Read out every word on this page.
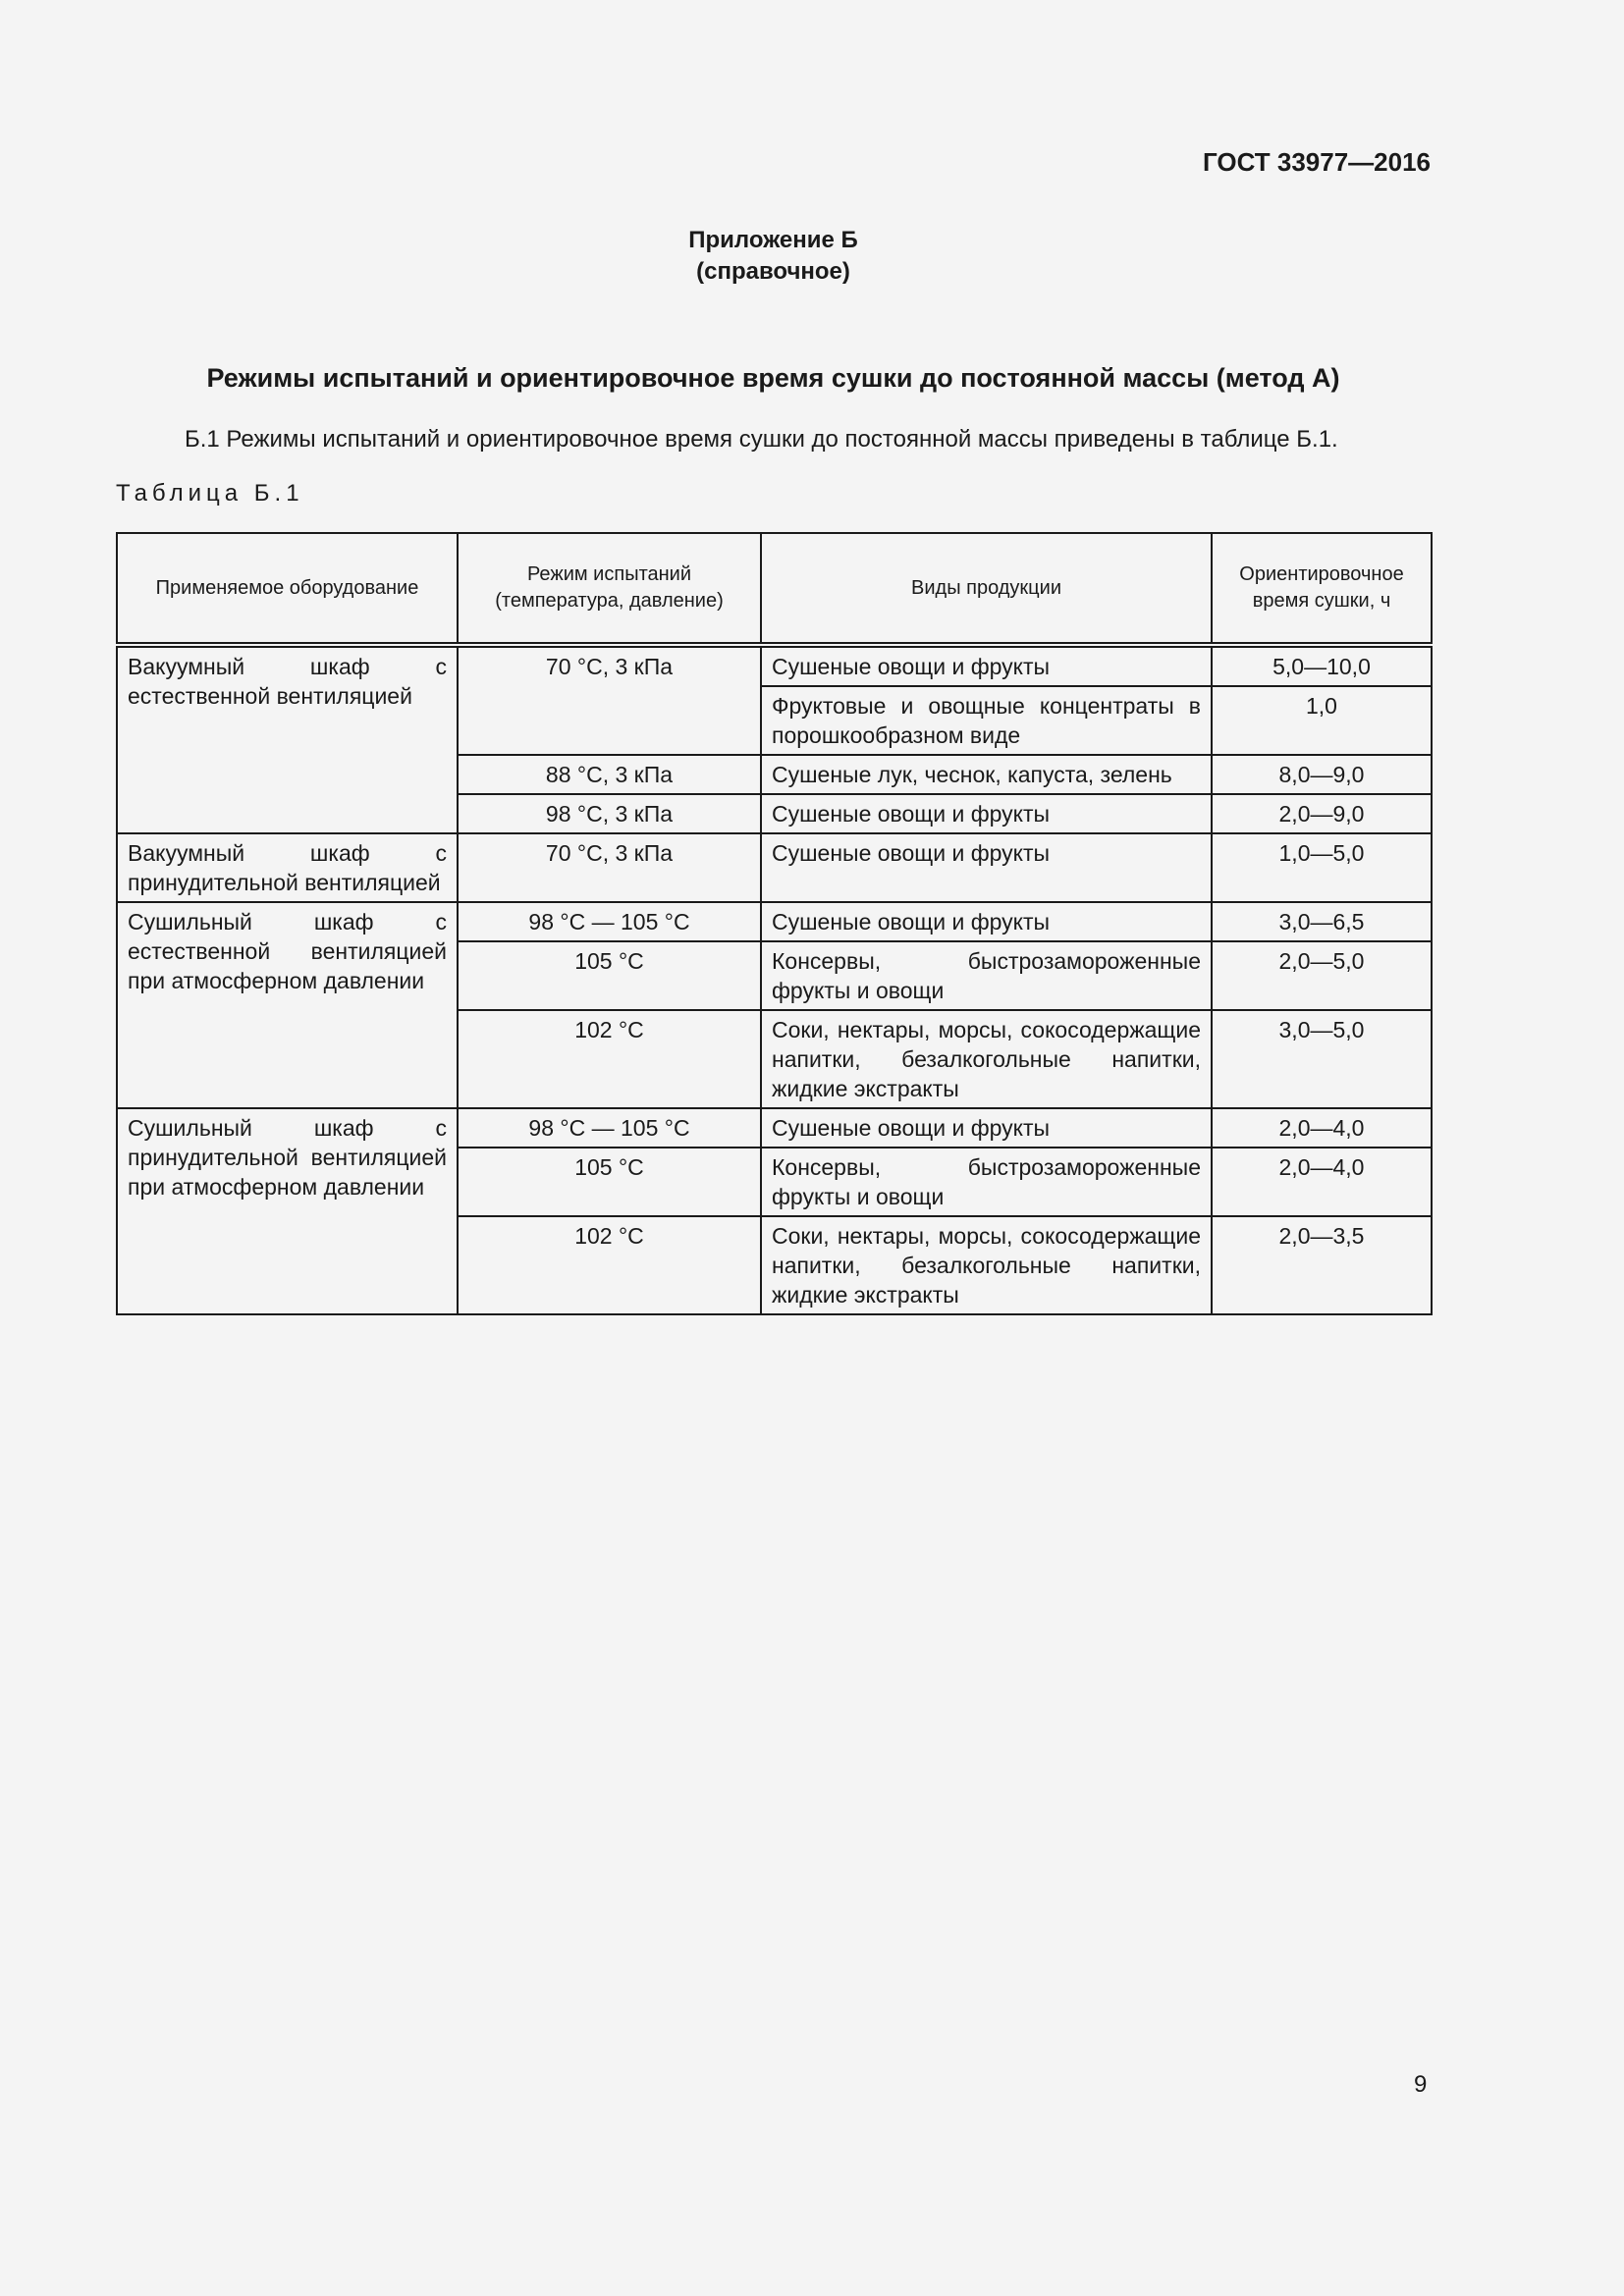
ГОСТ 33977—2016
Приложение Б
(справочное)
Режимы испытаний и ориентировочное время сушки до постоянной массы (метод А)
Б.1 Режимы испытаний и ориентировочное время сушки до постоянной массы приведены в таблице Б.1.
Таблица Б.1
Применяемое оборудование	Режим испытаний (температура, давление)	Виды продукции	Ориентировочное время сушки, ч
Вакуумный шкаф с естественной вентиляцией	70 °С, 3 кПа	Сушеные овощи и фрукты	5,0—10,0
		Фруктовые и овощные концентраты в порошкообразном виде	1,0
	88 °С, 3 кПа	Сушеные лук, чеснок, капуста, зелень	8,0—9,0
	98 °С, 3 кПа	Сушеные овощи и фрукты	2,0—9,0
Вакуумный шкаф с принудительной вентиляцией	70 °С, 3 кПа	Сушеные овощи и фрукты	1,0—5,0
Сушильный шкаф с естественной вентиляцией при атмосферном давлении	98 °С — 105 °С	Сушеные овощи и фрукты	3,0—6,5
	105 °С	Консервы, быстрозамороженные фрукты и овощи	2,0—5,0
	102 °С	Соки, нектары, морсы, сокосодержащие напитки, безалкогольные напитки, жидкие экстракты	3,0—5,0
Сушильный шкаф с принудительной вентиляцией при атмосферном давлении	98 °С — 105 °С	Сушеные овощи и фрукты	2,0—4,0
	105 °С	Консервы, быстрозамороженные фрукты и овощи	2,0—4,0
	102 °С	Соки, нектары, морсы, сокосодержащие напитки, безалкогольные напитки, жидкие экстракты	2,0—3,5
9
